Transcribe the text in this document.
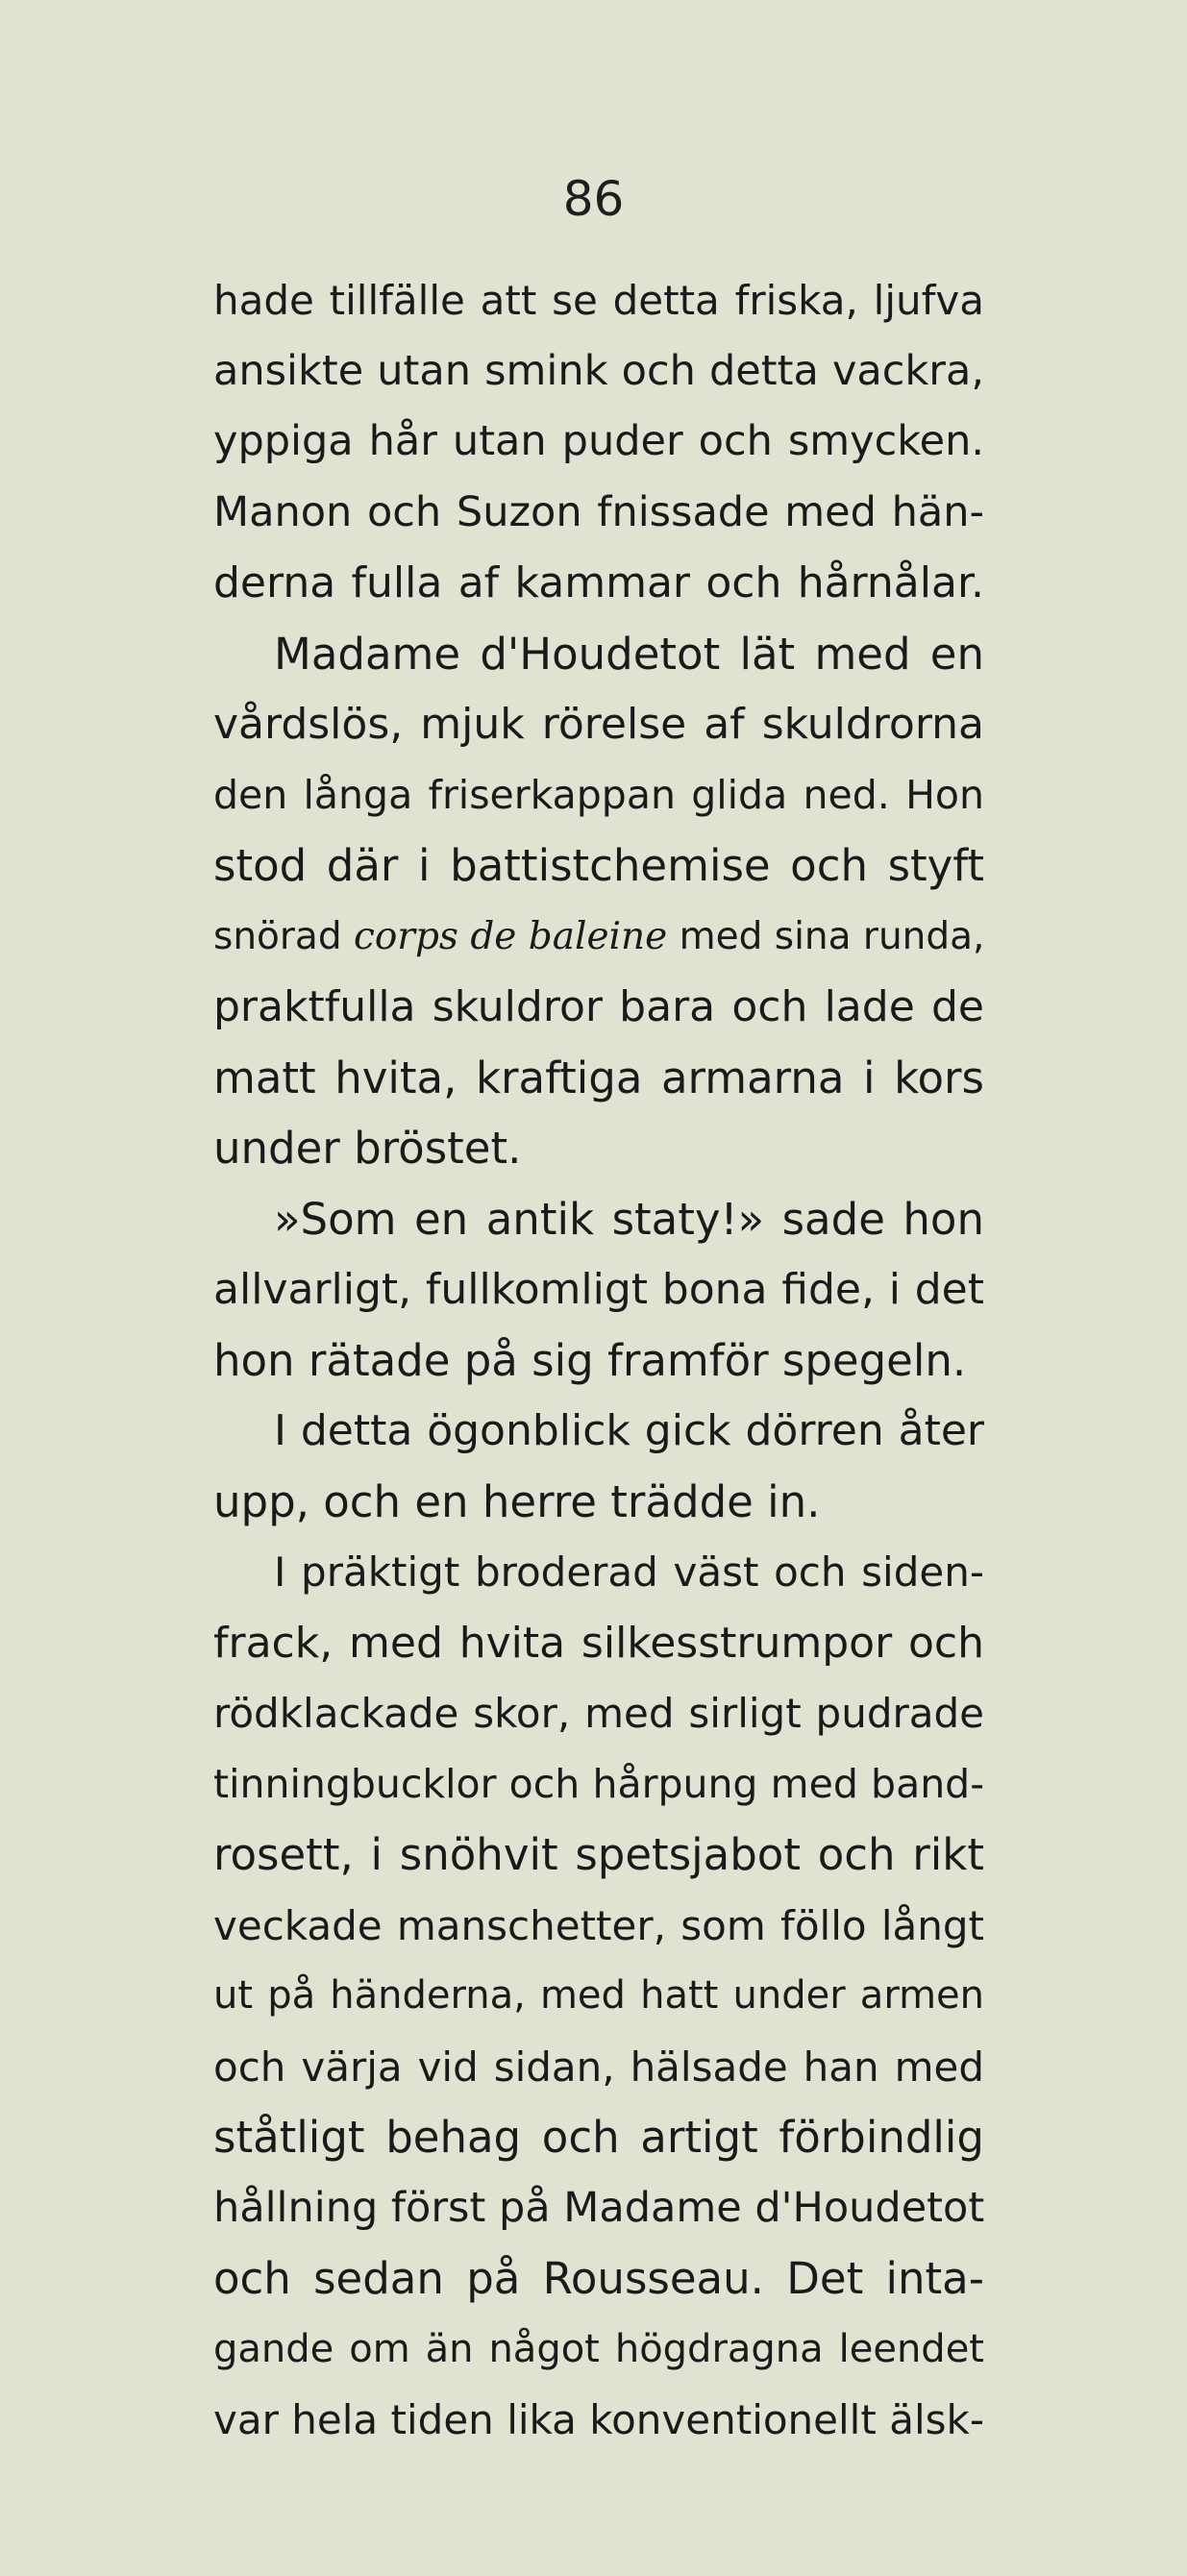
86
hade tillfälle att se detta friska, ljufva
ansikte utan smink och detta vackra,
yppiga hår utan puder och smycken.
Manon och Suzon fnissade med hän-
derna fulla af kammar och hårnålar.
Madame d'Houdetot lät med en
vårdslös, mjuk rörelse af skuldrorna
den långa friserkappan glida ned. Hon
stod där i battistchemise och styft
snörad corps de baleine med sina runda,
praktfulla skuldror bara och lade de
matt hvita, kraftiga armarna i kors
under bröstet.
»Som en antik staty!» sade hon
allvarligt, fullkomligt bona fide, i det
hon rätade på sig framför spegeln.
I detta ögonblick gick dörren åter
upp, och en herre trädde in.
I präktigt broderad väst och siden-
frack, med hvita silkesstrumpor och
rödklackade skor, med sirligt pudrade
tinningbucklor och hårpung med band-
rosett, i snöhvit spetsjabot och rikt
veckade manschetter, som föllo långt
ut på händerna, med hatt under armen
och värja vid sidan, hälsade han med
ståtligt behag och artigt förbindlig
hållning först på Madame d'Houdetot
och sedan på Rousseau. Det inta-
gande om än något högdragna leendet
var hela tiden lika konventionellt älsk-
